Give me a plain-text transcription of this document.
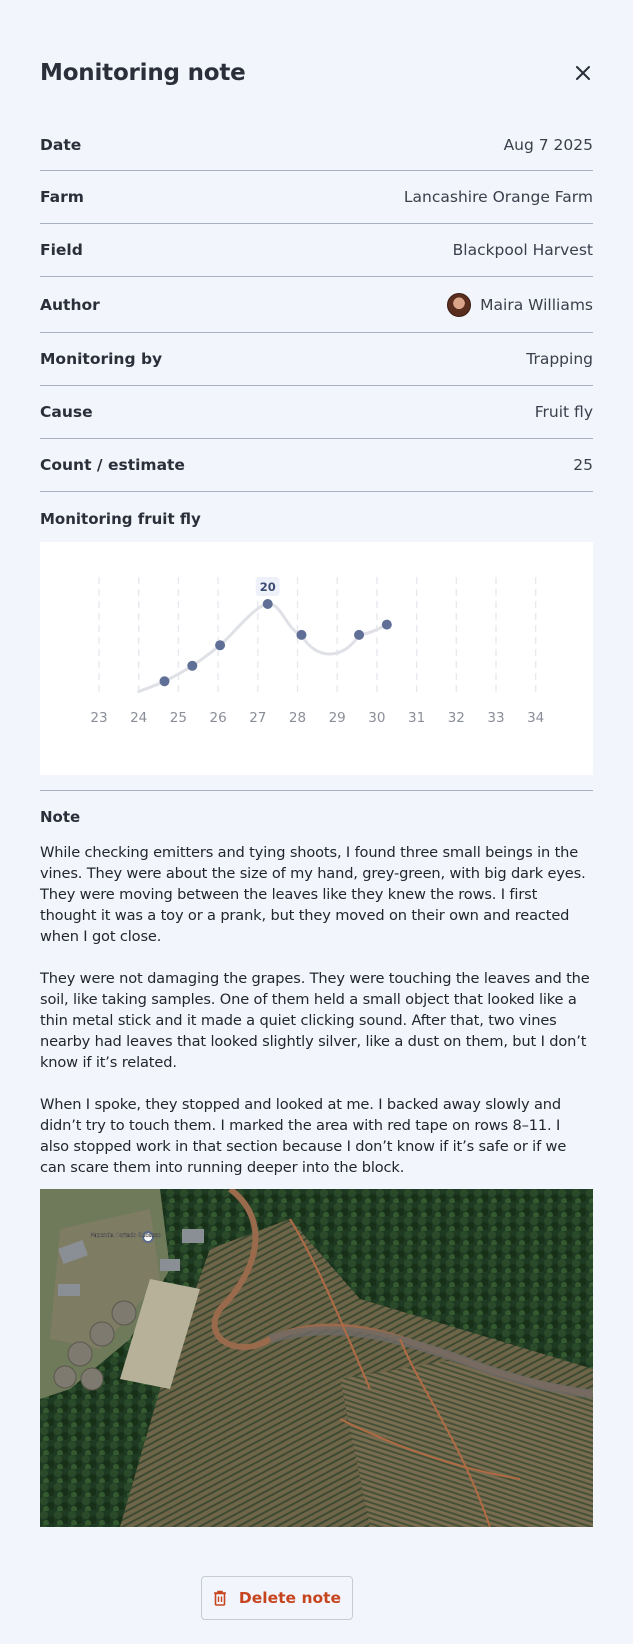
Monitoring note
Date	Aug 7 2025
Farm	Lancashire Orange Farm
Field	Blackpool Harvest
Author	Maira Williams
Monitoring by	Trapping
Cause	Fruit fly
Count / estimate	25
Monitoring fruit fly
23 24 25 26 27 28 29 30 31 32 33 34
20
Note

While checking emitters and tying shoots, I found three small beings in the vines. They were about the size of my hand, grey-green, with big dark eyes. They were moving between the leaves like they knew the rows. I first thought it was a toy or a prank, but they moved on their own and reacted when I got close.

They were not damaging the grapes. They were touching the leaves and the soil, like taking samples. One of them held a small object that looked like a thin metal stick and it made a quiet clicking sound. After that, two vines nearby had leaves that looked slightly silver, like a dust on them, but I don’t know if it’s related.

When I spoke, they stopped and looked at me. I backed away slowly and didn’t try to touch them. I marked the area with red tape on rows 8–11. I also stopped work in that section because I don’t know if it’s safe or if we can scare them into running deeper into the block.

Fazenda Cortado Sucesso
Delete note
